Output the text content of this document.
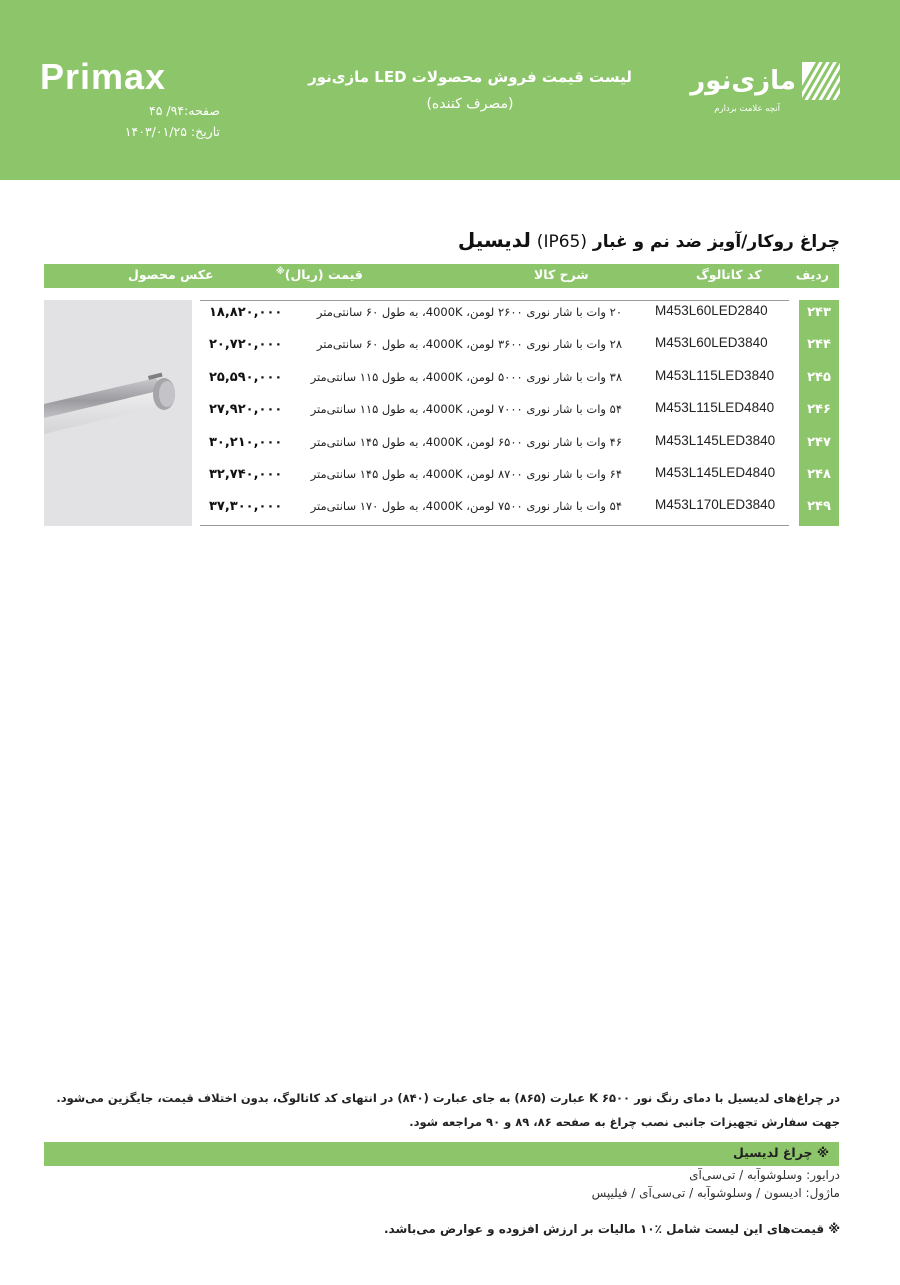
Primax
صفحه:۹۴/ ۴۵
تاریخ: ۱۴۰۳/۰۱/۲۵
لیست قیمت فروش محصولات LED مازی‌نور
(مصرف کننده)
مازی‌نور
آنچه علامت بردارم
چراغ روکار/آویز ضد نم و غبار (IP65) لدیسیل
ردیف
کد کاتالوگ
شرح کالا
قیمت (ریال)※
عکس محصول
۲۴۳
۲۴۴
۲۴۵
۲۴۶
۲۴۷
۲۴۸
۲۴۹
M453L60LED2840
۲۰ وات با شار نوری ۲۶۰۰ لومن، 4000K، به طول ۶۰ سانتی‌متر
۱۸,۸۲۰,۰۰۰
M453L60LED3840
۲۸ وات با شار نوری ۳۶۰۰ لومن، 4000K، به طول ۶۰ سانتی‌متر
۲۰,۷۲۰,۰۰۰
M453L115LED3840
۳۸ وات با شار نوری ۵۰۰۰ لومن، 4000K، به طول ۱۱۵ سانتی‌متر
۲۵,۵۹۰,۰۰۰
M453L115LED4840
۵۴ وات با شار نوری ۷۰۰۰ لومن، 4000K، به طول ۱۱۵ سانتی‌متر
۲۷,۹۲۰,۰۰۰
M453L145LED3840
۴۶ وات با شار نوری ۶۵۰۰ لومن، 4000K، به طول ۱۴۵ سانتی‌متر
۳۰,۲۱۰,۰۰۰
M453L145LED4840
۶۴ وات با شار نوری ۸۷۰۰ لومن، 4000K، به طول ۱۴۵ سانتی‌متر
۳۲,۷۴۰,۰۰۰
M453L170LED3840
۵۴ وات با شار نوری ۷۵۰۰ لومن، 4000K، به طول ۱۷۰ سانتی‌متر
۳۷,۳۰۰,۰۰۰
در چراغ‌های لدیسیل با دمای رنگ نور K ۶۵۰۰ عبارت (۸۶۵) به جای عبارت (۸۴۰) در انتهای کد کاتالوگ، بدون اختلاف قیمت، جایگزین می‌شود.
جهت سفارش تجهیزات جانبی نصب چراغ به صفحه ۸۶، ۸۹ و ۹۰ مراجعه شود.
※ چراغ لدیسیل
درایور: وسلوشوآبه / تی‌سی‌آی
ماژول: ادیسون / وسلوشوآبه / تی‌سی‌آی / فیلیپس
※ قیمت‌های این لیست شامل ٪۱۰ مالیات بر ارزش افزوده و عوارض می‌باشد.
